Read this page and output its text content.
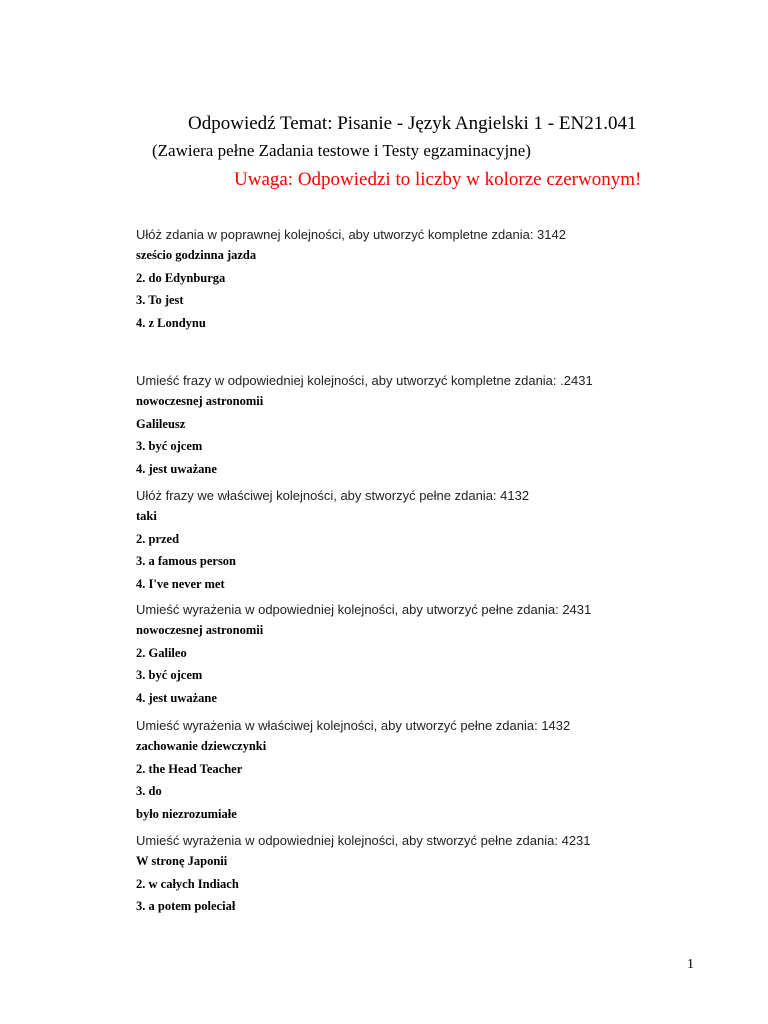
Odpowiedź Temat: Pisanie - Język Angielski 1 - EN21.041
(Zawiera pełne Zadania testowe i Testy egzaminacyjne)
Uwaga: Odpowiedzi to liczby w kolorze czerwonym!
Ułóż zdania w poprawnej kolejności, aby utworzyć kompletne zdania: 3142
sześcio godzinna jazda
2. do Edynburga
3. To jest
4. z Londynu
Umieść frazy w odpowiedniej kolejności, aby utworzyć kompletne zdania: .2431
nowoczesnej astronomii
Galileusz
3. być ojcem
4. jest uważane
Ułóż frazy we właściwej kolejności, aby stworzyć pełne zdania: 4132
taki
2. przed
3. a famous person
4. I've never met
Umieść wyrażenia w odpowiedniej kolejności, aby utworzyć pełne zdania: 2431
nowoczesnej astronomii
2. Galileo
3. być ojcem
4. jest uważane
Umieść wyrażenia w właściwej kolejności, aby utworzyć pełne zdania: 1432
zachowanie dziewczynki
2. the Head Teacher
3. do
było niezrozumiałe
Umieść wyrażenia w odpowiedniej kolejności, aby stworzyć pełne zdania: 4231
W stronę Japonii
2. w całych Indiach
3. a potem poleciał
1
